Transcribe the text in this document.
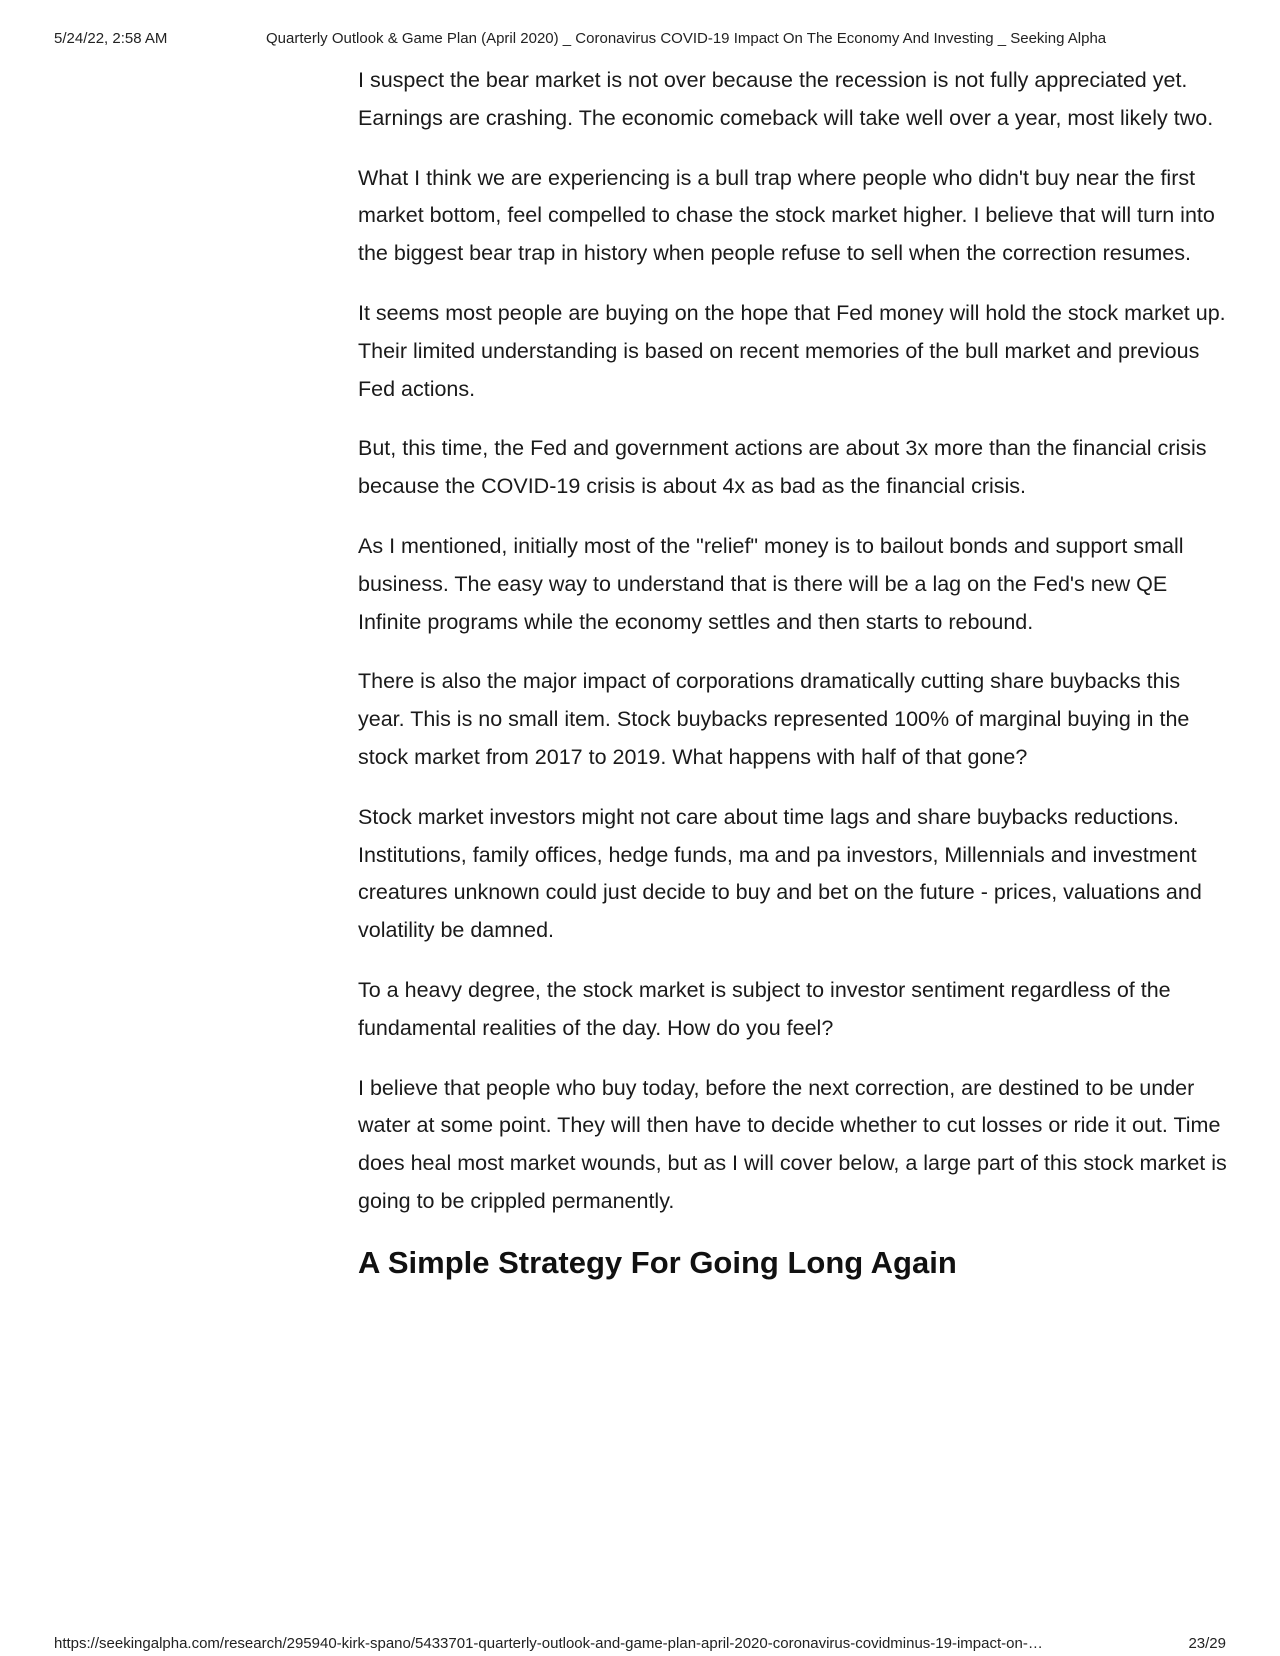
5/24/22, 2:58 AM	Quarterly Outlook & Game Plan (April 2020) _ Coronavirus COVID-19 Impact On The Economy And Investing _ Seeking Alpha

I suspect the bear market is not over because the recession is not fully appreciated yet. Earnings are crashing. The economic comeback will take well over a year, most likely two.

What I think we are experiencing is a bull trap where people who didn't buy near the first market bottom, feel compelled to chase the stock market higher. I believe that will turn into the biggest bear trap in history when people refuse to sell when the correction resumes.

It seems most people are buying on the hope that Fed money will hold the stock market up. Their limited understanding is based on recent memories of the bull market and previous Fed actions.

But, this time, the Fed and government actions are about 3x more than the financial crisis because the COVID-19 crisis is about 4x as bad as the financial crisis.

As I mentioned, initially most of the "relief" money is to bailout bonds and support small business. The easy way to understand that is there will be a lag on the Fed's new QE Infinite programs while the economy settles and then starts to rebound.

There is also the major impact of corporations dramatically cutting share buybacks this year. This is no small item. Stock buybacks represented 100% of marginal buying in the stock market from 2017 to 2019. What happens with half of that gone?

Stock market investors might not care about time lags and share buybacks reductions. Institutions, family offices, hedge funds, ma and pa investors, Millennials and investment creatures unknown could just decide to buy and bet on the future - prices, valuations and volatility be damned.

To a heavy degree, the stock market is subject to investor sentiment regardless of the fundamental realities of the day. How do you feel?

I believe that people who buy today, before the next correction, are destined to be under water at some point. They will then have to decide whether to cut losses or ride it out. Time does heal most market wounds, but as I will cover below, a large part of this stock market is going to be crippled permanently.

A Simple Strategy For Going Long Again
https://seekingalpha.com/research/295940-kirk-spano/5433701-quarterly-outlook-and-game-plan-april-2020-coronavirus-covidminus-19-impact-on-…	23/29
